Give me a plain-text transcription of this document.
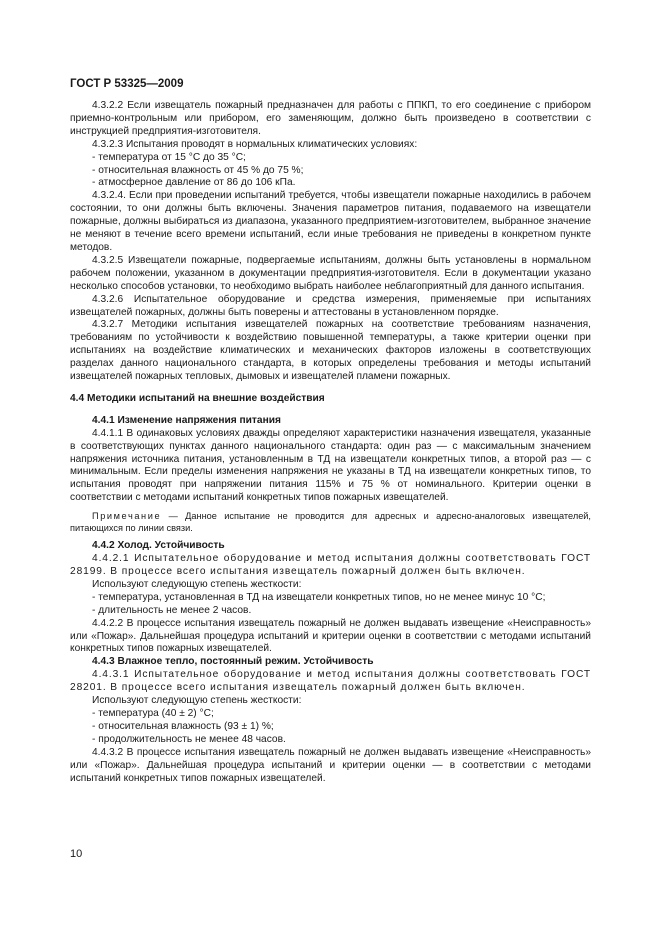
ГОСТ Р 53325—2009

4.3.2.2 Если извещатель пожарный предназначен для работы с ППКП, то его соединение с прибором приемно-контрольным или прибором, его заменяющим, должно быть произведено в соответствии с инструкцией предприятия-изготовителя.

4.3.2.3 Испытания проводят в нормальных климатических условиях:

- температура от 15 °С до 35 °С;

- относительная влажность от 45 % до 75 %;

- атмосферное давление от 86 до 106 кПа.

4.3.2.4. Если при проведении испытаний требуется, чтобы извещатели пожарные находились в рабочем состоянии, то они должны быть включены. Значения параметров питания, подаваемого на извещатели пожарные, должны выбираться из диапазона, указанного предприятием-изготовителем, выбранное значение не меняют в течение всего времени испытаний, если иные требования не приведены в конкретном пункте методов.

4.3.2.5 Извещатели пожарные, подвергаемые испытаниям, должны быть установлены в нормальном рабочем положении, указанном в документации предприятия-изготовителя. Если в документации указано несколько способов установки, то необходимо выбрать наиболее неблагоприятный для данного испытания.

4.3.2.6 Испытательное оборудование и средства измерения, применяемые при испытаниях извещателей пожарных, должны быть поверены и аттестованы в установленном порядке.

4.3.2.7 Методики испытания извещателей пожарных на соответствие требованиям назначения, требованиям по устойчивости к воздействию повышенной температуры, а также критерии оценки при испытаниях на воздействие климатических и механических факторов изложены в соответствующих разделах данного национального стандарта, в которых определены требования и методы испытаний извещателей пожарных тепловых, дымовых и извещателей пламени пожарных.

4.4 Методики испытаний на внешние воздействия

4.4.1 Изменение напряжения питания

4.4.1.1 В одинаковых условиях дважды определяют характеристики назначения извещателя, указанные в соответствующих пунктах данного национального стандарта: один раз — с максимальным значением напряжения источника питания, установленным в ТД на извещатели конкретных типов, а второй раз — с минимальным. Если пределы изменения напряжения не указаны в ТД на извещатели конкретных типов, то испытания проводят при напряжении питания 115% и 75 % от номинального. Критерии оценки в соответствии с методами испытаний конкретных типов пожарных извещателей.

Примечание — Данное испытание не проводится для адресных и адресно-аналоговых извещателей, питающихся по линии связи.

4.4.2 Холод. Устойчивость

4.4.2.1 Испытательное оборудование и метод испытания должны соответствовать ГОСТ 28199. В процессе всего испытания извещатель пожарный должен быть включен.

Используют следующую степень жесткости:

- температура, установленная в ТД на извещатели конкретных типов, но не менее минус 10 °С;

- длительность не менее 2 часов.

4.4.2.2 В процессе испытания извещатель пожарный не должен выдавать извещение «Неисправность» или «Пожар». Дальнейшая процедура испытаний и критерии оценки в соответствии с методами испытаний конкретных типов пожарных извещателей.

4.4.3 Влажное тепло, постоянный режим. Устойчивость

4.4.3.1 Испытательное оборудование и метод испытания должны соответствовать ГОСТ 28201. В процессе всего испытания извещатель пожарный должен быть включен.

Используют следующую степень жесткости:

- температура (40 ± 2) °С;

- относительная влажность (93 ± 1) %;

- продолжительность не менее 48 часов.

4.4.3.2 В процессе испытания извещатель пожарный не должен выдавать извещение «Неисправность» или «Пожар». Дальнейшая процедура испытаний и критерии оценки — в соответствии с методами испытаний конкретных типов пожарных извещателей.

10
